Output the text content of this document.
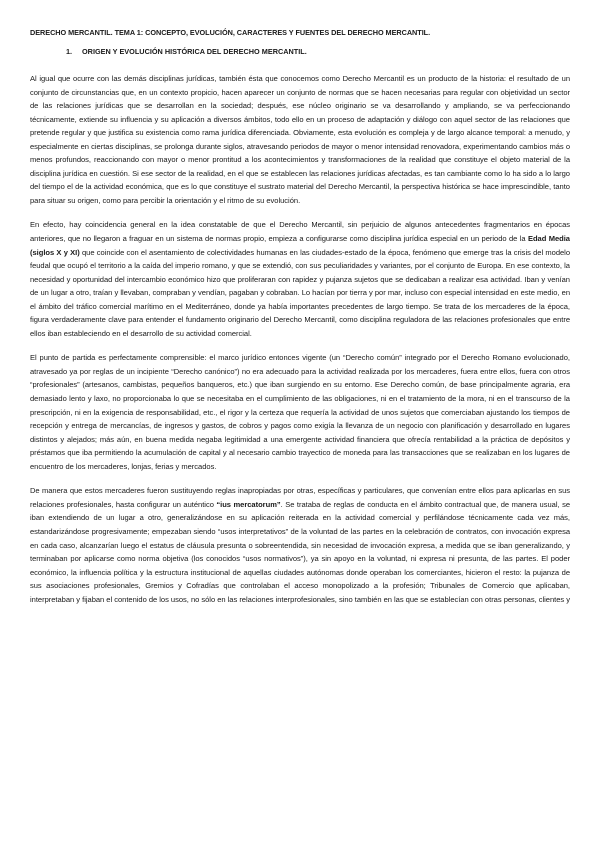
DERECHO MERCANTIL. TEMA 1: CONCEPTO, EVOLUCIÓN, CARACTERES Y FUENTES DEL DERECHO MERCANTIL.
1. ORIGEN Y EVOLUCIÓN HISTÓRICA DEL DERECHO MERCANTIL.

Al igual que ocurre con las demás disciplinas jurídicas, también ésta que conocemos como Derecho Mercantil es un producto de la historia: el resultado de un conjunto de circunstancias que, en un contexto propicio, hacen aparecer un conjunto de normas que se hacen necesarias para regular con objetividad un sector de las relaciones jurídicas que se desarrollan en la sociedad; después, ese núcleo originario se va desarrollando y ampliando, se va perfeccionando técnicamente, extiende su influencia y su aplicación a diversos ámbitos, todo ello en un proceso de adaptación y diálogo con aquel sector de las relaciones que pretende regular y que justifica su existencia como rama jurídica diferenciada. Obviamente, esta evolución es compleja y de largo alcance temporal: a menudo, y especialmente en ciertas disciplinas, se prolonga durante siglos, atravesando periodos de mayor o menor intensidad renovadora, experimentando cambios más o menos profundos, reaccionando con mayor o menor prontitud a los acontecimientos y transformaciones de la realidad que constituye el objeto material de la disciplina jurídica en cuestión. Si ese sector de la realidad, en el que se establecen las relaciones jurídicas afectadas, es tan cambiante como lo ha sido a lo largo del tiempo el de la actividad económica, que es lo que constituye el sustrato material del Derecho Mercantil, la perspectiva histórica se hace imprescindible, tanto para situar su origen, como para percibir la orientación y el ritmo de su evolución.

En efecto, hay coincidencia general en la idea constatable de que el Derecho Mercantil, sin perjuicio de algunos antecedentes fragmentarios en épocas anteriores, que no llegaron a fraguar en un sistema de normas propio, empieza a configurarse como disciplina jurídica especial en un periodo de la Edad Media (siglos X y XI) que coincide con el asentamiento de colectividades humanas en las ciudades-estado de la época, fenómeno que emerge tras la crisis del modelo feudal que ocupó el territorio a la caída del imperio romano, y que se extendió, con sus peculiaridades y variantes, por el conjunto de Europa. En ese contexto, la necesidad y oportunidad del intercambio económico hizo que proliferaran con rapidez y pujanza sujetos que se dedicaban a realizar esa actividad. Iban y venían de un lugar a otro, traían y llevaban, compraban y vendían, pagaban y cobraban. Lo hacían por tierra y por mar, incluso con especial intensidad en este medio, en el ámbito del tráfico comercial marítimo en el Mediterráneo, donde ya había importantes precedentes de largo tiempo. Se trata de los mercaderes de la época, figura verdaderamente clave para entender el fundamento originario del Derecho Mercantil, como disciplina reguladora de las relaciones profesionales que entre ellos iban estableciendo en el desarrollo de su actividad comercial.

El punto de partida es perfectamente comprensible: el marco jurídico entonces vigente (un “Derecho común” integrado por el Derecho Romano evolucionado, atravesado ya por reglas de un incipiente “Derecho canónico”) no era adecuado para la actividad realizada por los mercaderes, fuera entre ellos, fuera con otros “profesionales” (artesanos, cambistas, pequeños banqueros, etc.) que iban surgiendo en su entorno. Ese Derecho común, de base principalmente agraria, era demasiado lento y laxo, no proporcionaba lo que se necesitaba en el cumplimiento de las obligaciones, ni en el tratamiento de la mora, ni en el transcurso de la prescripción, ni en la exigencia de responsabilidad, etc., el rigor y la certeza que requería la actividad de unos sujetos que comerciaban ajustando los tiempos de recepción y entrega de mercancías, de ingresos y gastos, de cobros y pagos como exigía la llevanza de un negocio con planificación y desarrollado en lugares distintos y alejados; más aún, en buena medida negaba legitimidad a una emergente actividad financiera que ofrecía rentabilidad a la práctica de depósitos y préstamos que iba permitiendo la acumulación de capital y al necesario cambio trayectico de moneda para las transacciones que se realizaban en los lugares de encuentro de los mercaderes, lonjas, ferias y mercados.

De manera que estos mercaderes fueron sustituyendo reglas inapropiadas por otras, específicas y particulares, que convenían entre ellos para aplicarlas en sus relaciones profesionales, hasta configurar un auténtico “ius mercatorum”. Se trataba de reglas de conducta en el ámbito contractual que, de manera usual, se iban extendiendo de un lugar a otro, generalizándose en su aplicación reiterada en la actividad comercial y perfilándose técnicamente cada vez más, estandarizándose progresivamente; empezaban siendo “usos interpretativos” de la voluntad de las partes en la celebración de contratos, con invocación expresa en cada caso, alcanzarían luego el estatus de cláusula presunta o sobreentendida, sin necesidad de invocación expresa, a medida que se iban generalizando, y terminaban por aplicarse como norma objetiva (los conocidos “usos normativos”), ya sin apoyo en la voluntad, ni expresa ni presunta, de las partes. El poder económico, la influencia política y la estructura institucional de aquellas ciudades autónomas donde operaban los comerciantes, hicieron el resto: la pujanza de sus asociaciones profesionales, Gremios y Cofradías que controlaban el acceso monopolizado a la profesión; Tribunales de Comercio que aplicaban, interpretaban y fijaban el contenido de los usos, no sólo en las relaciones interprofesionales, sino también en las que se establecían con otras personas, clientes y
